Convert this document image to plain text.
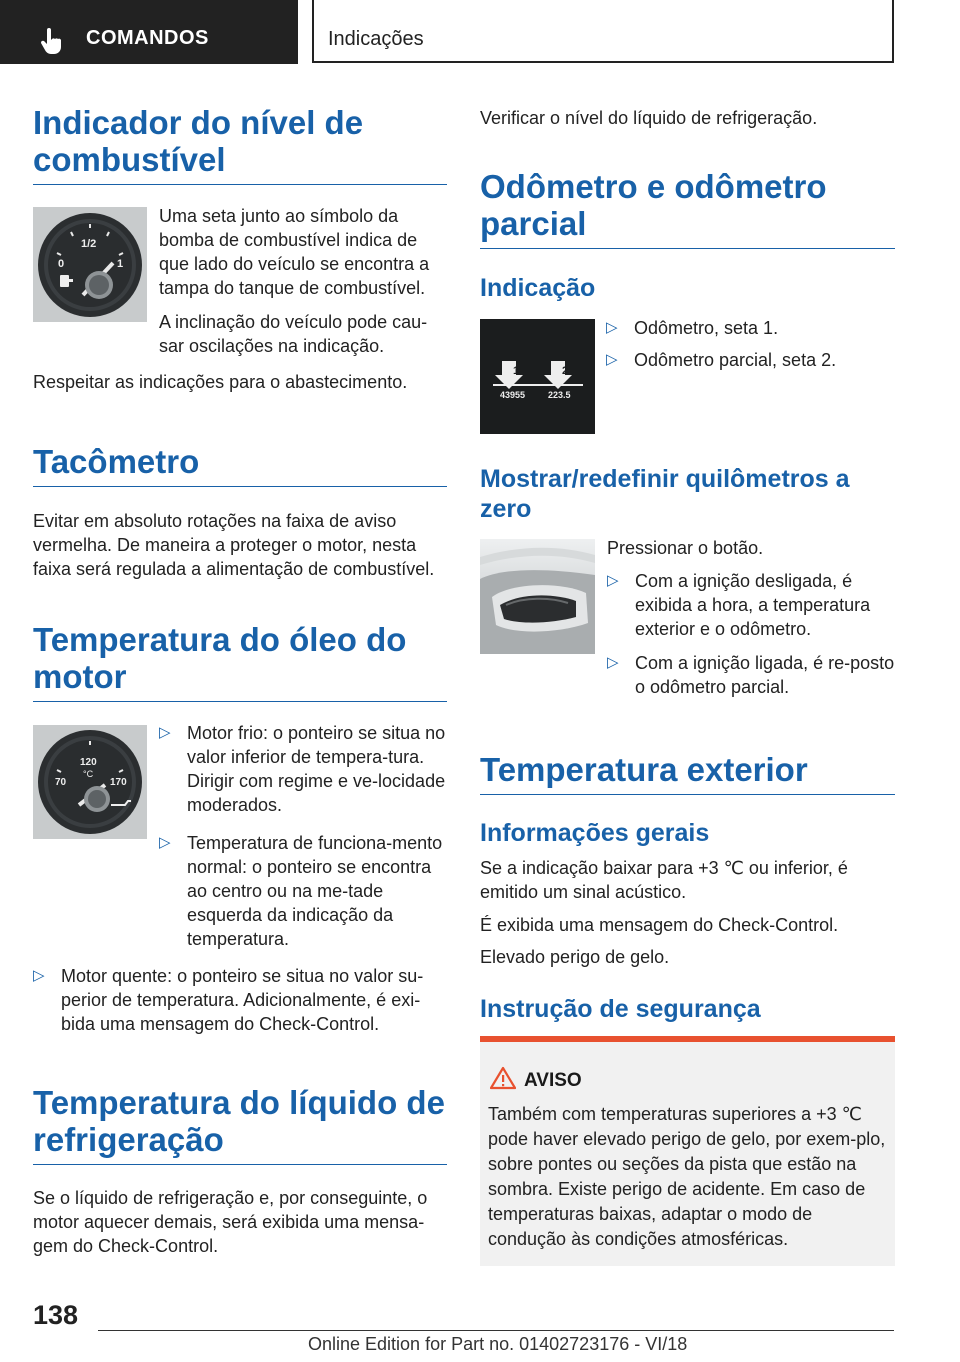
COMANDOS	Indicações
Indicador do nível de combustível
0
1/2
1

Uma seta junto ao símbolo da bomba de combustível indica de que lado do veículo se encontra a tampa do tanque de combustível.

A inclinação do veículo pode cau-sar oscilações na indicação.

Respeitar as indicações para o abastecimento.

Tacômetro

Evitar em absoluto rotações na faixa de aviso vermelha. De maneira a proteger o motor, nesta faixa será regulada a alimentação de combustível.

Temperatura do óleo do motor
70
120
°C
170
▷ Motor frio: o ponteiro se situa no valor inferior de tempera-tura. Dirigir com regime e ve-locidade moderados.
▷ Temperatura de funciona-mento normal: o ponteiro se encontra ao centro ou na me-tade esquerda da indicação da temperatura.
▷ Motor quente: o ponteiro se situa no valor su-perior de temperatura. Adicionalmente, é exi-bida uma mensagem do Check-Control.
Temperatura do líquido de refrigeração

Se o líquido de refrigeração e, por conseguinte, o motor aquecer demais, será exibida uma mensa-gem do Check-Control.

Verificar o nível do líquido de refrigeração.

Odômetro e odômetro parcial
Indicação
1	2
43955	223.5
▷ Odômetro, seta 1.
▷ Odômetro parcial, seta 2.
Mostrar/redefinir quilômetros a zero

Pressionar o botão.

▷ Com a ignição desligada, é exibida a hora, a temperatura exterior e o odômetro.
▷ Com a ignição ligada, é re-posto o odômetro parcial.
Temperatura exterior
Informações gerais

Se a indicação baixar para +3 ℃ ou inferior, é emitido um sinal acústico.

É exibida uma mensagem do Check-Control.

Elevado perigo de gelo.

Instrução de segurança
AVISO
Também com temperaturas superiores a +3 ℃ pode haver elevado perigo de gelo, por exem-plo, sobre pontes ou seções da pista que estão na sombra. Existe perigo de acidente. Em caso de temperaturas baixas, adaptar o modo de condução às condições atmosféricas.
138
Online Edition for Part no. 01402723176 - VI/18
